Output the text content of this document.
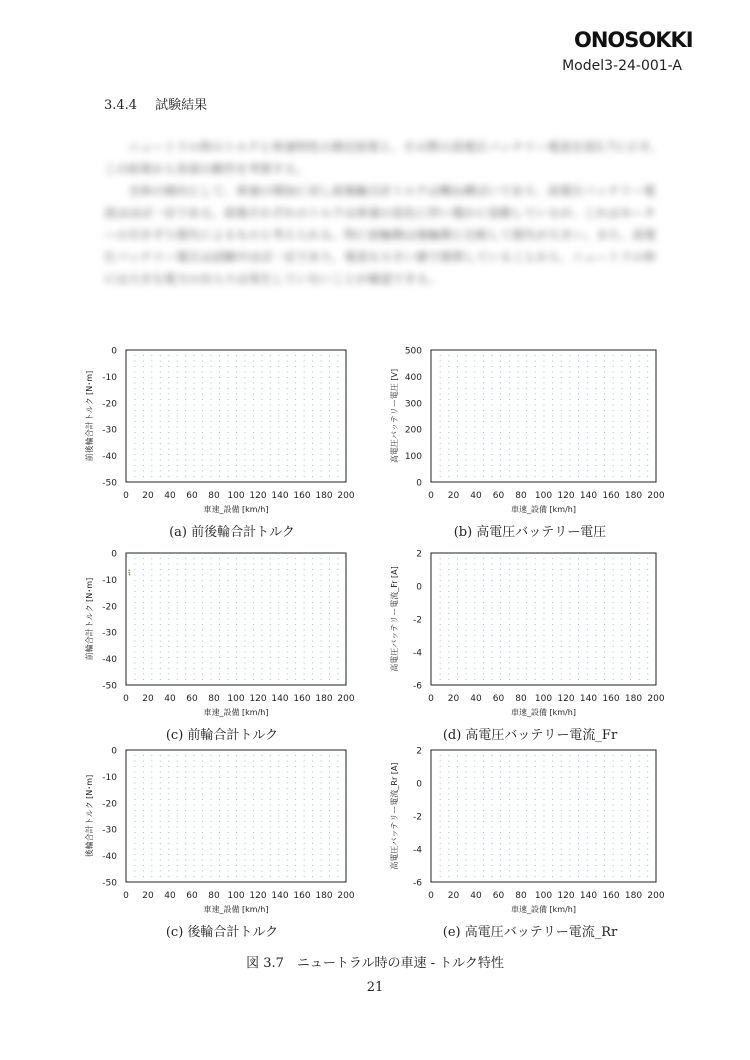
ONOSOKKI
Model3-24-001-A
3.4.4 試験結果

ニュートラル時のトルクと車速特性の測定結果と、その際の高電圧バッテリー電流を図3.7に示す。この結果から各部の動作を考察する。

全体の傾向として、車速の増加に対し前後輪合計トルクは概ね横ばいであり、高電圧バッテリー電流はほぼ一定である。前後それぞれのトルクは車速の変化に伴い僅かに変動しているが、これはモーターの引きずり損失によるものと考えられる。特に前輪側は後輪側と比較して損失が大きい。また、高電圧バッテリー電圧は試験中ほぼ一定であり、電流も小さい値で推移していることから、ニュートラル時には大きな電力の出入りは発生していないことが確認できる。

0
-10
-20
-30
-40
-50
0 20 40 60 80 100 120 140 160 180 200
車速_設備 [km/h]
前後輪合計トルク [N･m]
(a) 前後輪合計トルク
500
400
300
200
100
0
0 20 40 60 80 100 120 140 160 180 200
車速_設備 [km/h]
高電圧バッテリー電圧 [V]
(b) 高電圧バッテリー電圧
0
-10
-20
-30
-40
-50
0 20 40 60 80 100 120 140 160 180 200
車速_設備 [km/h]
前輪合計トルク [N･m]
(c) 前輪合計トルク
2
0
-2
-4
-6
0 20 40 60 80 100 120 140 160 180 200
車速_設備 [km/h]
高電圧バッテリー電流_Fr [A]
(d) 高電圧バッテリー電流_Fr
0
-10
-20
-30
-40
-50
0 20 40 60 80 100 120 140 160 180 200
車速_設備 [km/h]
後輪合計トルク [N･m]
(c) 後輪合計トルク
2
0
-2
-4
-6
0 20 40 60 80 100 120 140 160 180 200
車速_設備 [km/h]
高電圧バッテリー電流_Rr [A]
(e) 高電圧バッテリー電流_Rr
図 3.7　ニュートラル時の車速 - トルク特性
21
